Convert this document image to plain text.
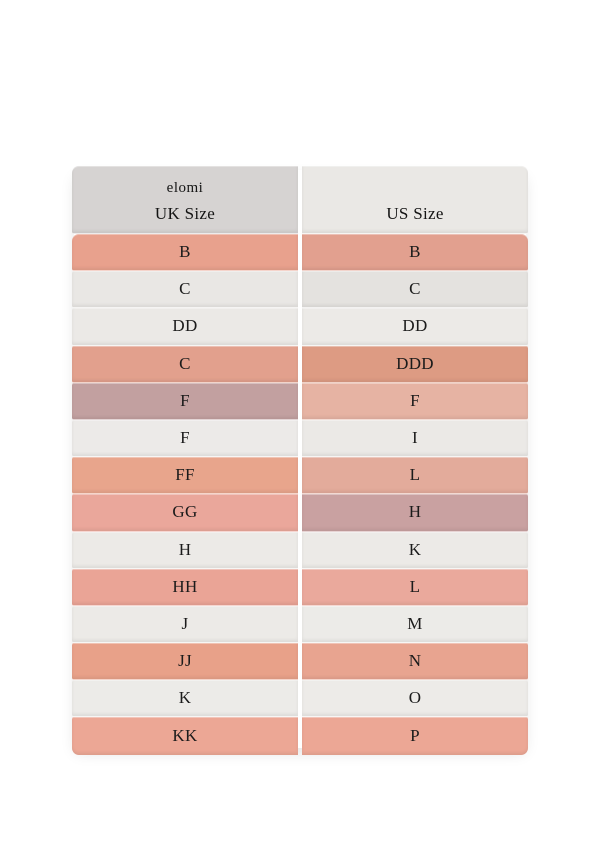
elomi
UK Size	US Size
B	B
C	C
DD	DD
C	DDD
F	F
F	I
FF	L
GG	H
H	K
HH	L
J	M
JJ	N
K	O
KK	P
